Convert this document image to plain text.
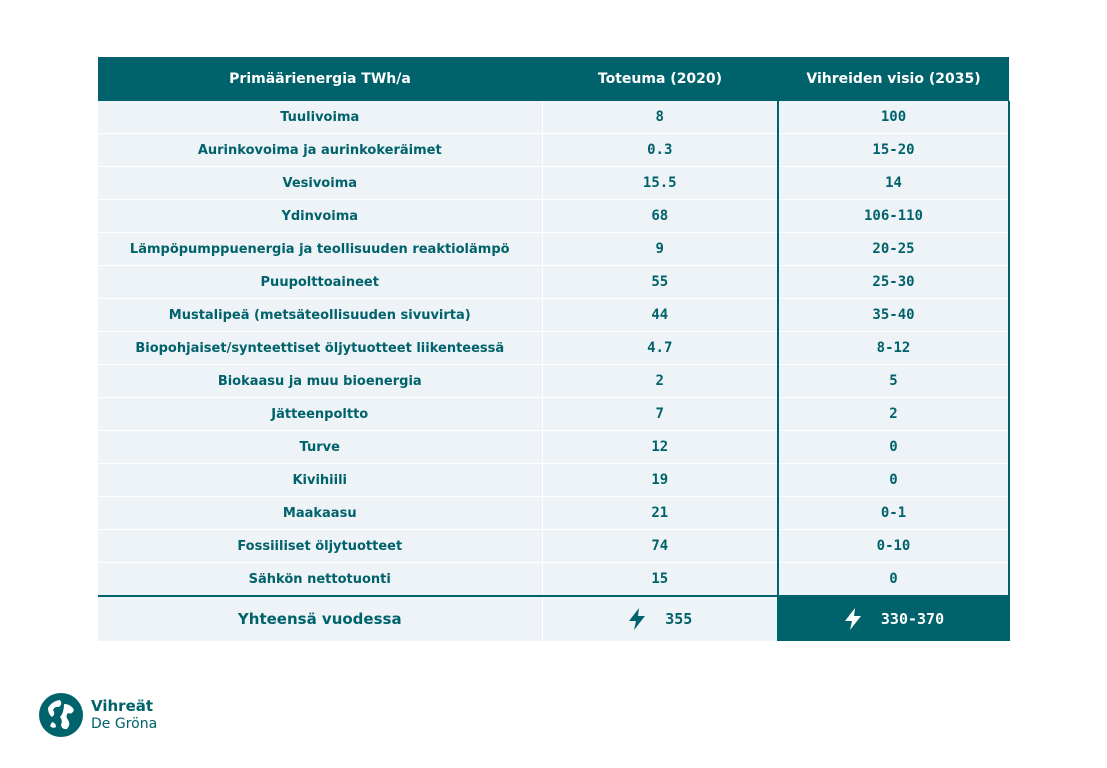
Primäärienergia TWh/a	Toteuma (2020)	Vihreiden visio (2035)
Tuulivoima	8	100
Aurinkovoima ja aurinkokeräimet	0.3	15-20
Vesivoima	15.5	14
Ydinvoima	68	106-110
Lämpöpumppuenergia ja teollisuuden reaktiolämpö	9	20-25
Puupolttoaineet	55	25-30
Mustalipeä (metsäteollisuuden sivuvirta)	44	35-40
Biopohjaiset/synteettiset öljytuotteet liikenteessä	4.7	8-12
Biokaasu ja muu bioenergia	2	5
Jätteenpoltto	7	2
Turve	12	0
Kivihiili	19	0
Maakaasu	21	0-1
Fossiiliset öljytuotteet	74	0-10
Sähkön nettotuonti	15	0
Yhteensä vuodessa	355	330-370
Vihreät
De Gröna
